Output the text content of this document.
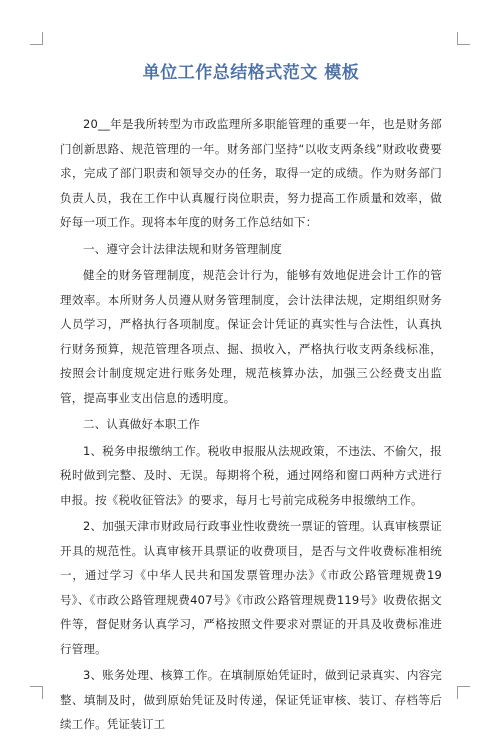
单位工作总结格式范文 模板
20__年是我所转型为市政监理所多职能管理的重要一年，也是财务部门创新思路、规范管理的一年。财务部门坚持“以收支两条线”财政收费要求，完成了部门职责和领导交办的任务，取得一定的成绩。作为财务部门负责人员，我在工作中认真履行岗位职责，努力提高工作质量和效率，做好每一项工作。现将本年度的财务工作总结如下：
一、遵守会计法律法规和财务管理制度
健全的财务管理制度，规范会计行为，能够有效地促进会计工作的管理效率。本所财务人员遵从财务管理制度，会计法律法规，定期组织财务人员学习，严格执行各项制度。保证会计凭证的真实性与合法性，认真执行财务预算，规范管理各项点、掘、损收入，严格执行收支两条线标准，按照会计制度规定进行账务处理，规范核算办法，加强三公经费支出监管，提高事业支出信息的透明度。
二、认真做好本职工作
1、税务申报缴纳工作。税收申报服从法规政策，不违法、不偷欠，报税时做到完整、及时、无误。每期将个税，通过网络和窗口两种方式进行申报。按《税收征管法》的要求，每月七号前完成税务申报缴纳工作。
2、加强天津市财政局行政事业性收费统一票证的管理。认真审核票证开具的规范性。认真审核开具票证的收费项目，是否与文件收费标准相统一，通过学习《中华人民共和国发票管理办法》《市政公路管理规费19号》、《市政公路管理规费407号》《市政公路管理规费119号》收费依据文件等，督促财务认真学习，严格按照文件要求对票证的开具及收费标准进行管理。
3、账务处理、核算工作。在填制原始凭证时，做到记录真实、内容完整、填制及时，做到原始凭证及时传递，保证凭证审核、装订、存档等后续工作。凭证装订工
